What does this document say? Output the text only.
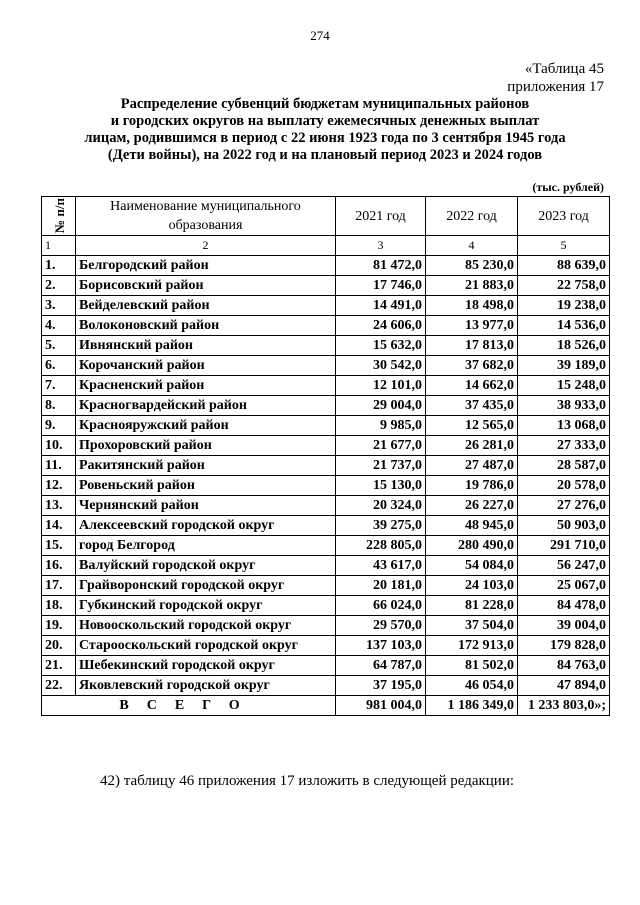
274
«Таблица 45
приложения 17
Распределение субвенций бюджетам муниципальных районов
и городских округов на выплату ежемесячных денежных выплат
лицам, родившимся в период с 22 июня 1923 года по 3 сентября 1945 года
(Дети войны), на 2022 год и на плановый период 2023 и 2024 годов
(тыс. рублей)
№ п/п	Наименование муниципального образования	2021 год	2022 год	2023 год
1	2	3	4	5
1.	Белгородский район	81 472,0	85 230,0	88 639,0
2.	Борисовский район	17 746,0	21 883,0	22 758,0
3.	Вейделевский район	14 491,0	18 498,0	19 238,0
4.	Волоконовский район	24 606,0	13 977,0	14 536,0
5.	Ивнянский район	15 632,0	17 813,0	18 526,0
6.	Корочанский район	30 542,0	37 682,0	39 189,0
7.	Красненский район	12 101,0	14 662,0	15 248,0
8.	Красногвардейский район	29 004,0	37 435,0	38 933,0
9.	Краснояружский район	9 985,0	12 565,0	13 068,0
10.	Прохоровский район	21 677,0	26 281,0	27 333,0
11.	Ракитянский район	21 737,0	27 487,0	28 587,0
12.	Ровеньский район	15 130,0	19 786,0	20 578,0
13.	Чернянский район	20 324,0	26 227,0	27 276,0
14.	Алексеевский городской округ	39 275,0	48 945,0	50 903,0
15.	город Белгород	228 805,0	280 490,0	291 710,0
16.	Валуйский городской округ	43 617,0	54 084,0	56 247,0
17.	Грайворонский городской округ	20 181,0	24 103,0	25 067,0
18.	Губкинский городской округ	66 024,0	81 228,0	84 478,0
19.	Новооскольский городской округ	29 570,0	37 504,0	39 004,0
20.	Старооскольский городской округ	137 103,0	172 913,0	179 828,0
21.	Шебекинский городской округ	64 787,0	81 502,0	84 763,0
22.	Яковлевский городской округ	37 195,0	46 054,0	47 894,0
ВСЕГО		981 004,0	1 186 349,0	1 233 803,0»;
42) таблицу 46 приложения 17 изложить в следующей редакции:
